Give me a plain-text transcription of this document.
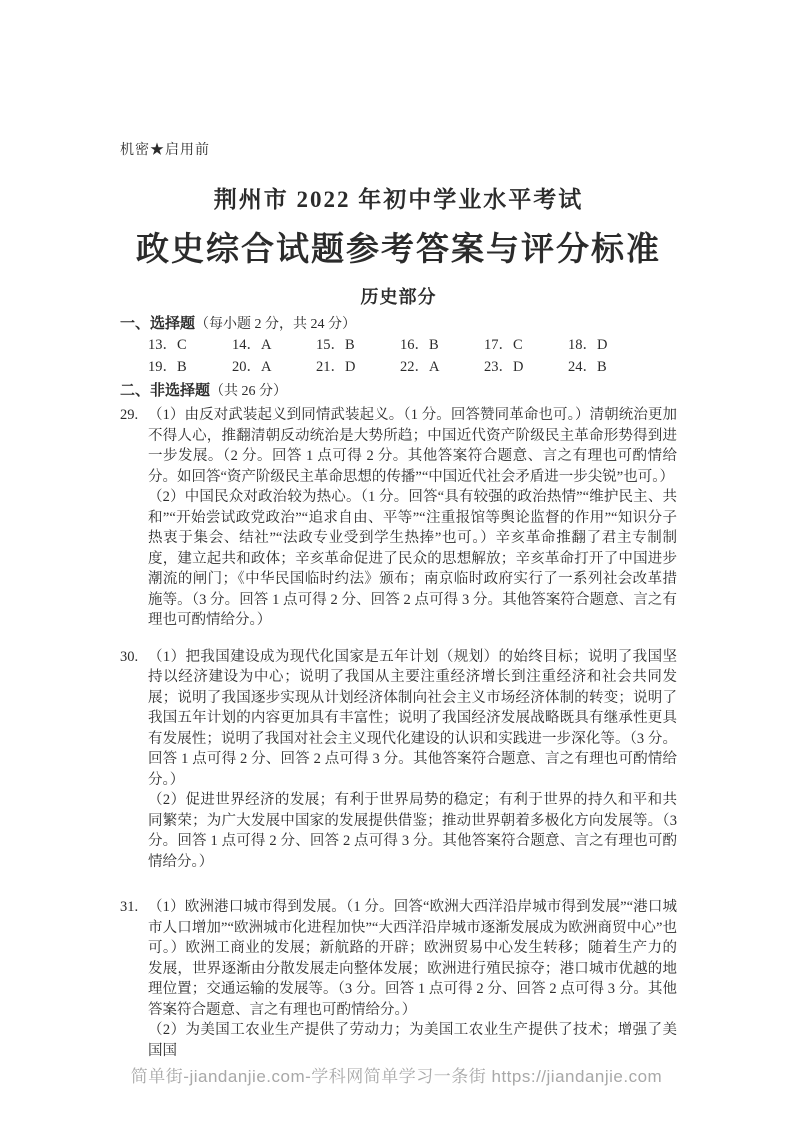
机密★启用前
荆州市 2022 年初中学业水平考试
政史综合试题参考答案与评分标准
历史部分
一、选择题（每小题 2 分，共 24 分）
13．C	14．A	15．B	16．B	17．C	18．D
19．B	20．A	21．D	22．A	23．D	24．B
二、非选择题（共 26 分）
29. （1）由反对武装起义到同情武装起义。（1 分。回答赞同革命也可。）清朝统治更加不得人心，推翻清朝反动统治是大势所趋；中国近代资产阶级民主革命形势得到进一步发展。（2 分。回答 1 点可得 2 分。其他答案符合题意、言之有理也可酌情给分。如回答“资产阶级民主革命思想的传播”“中国近代社会矛盾进一步尖锐”也可。）

（2）中国民众对政治较为热心。（1 分。回答“具有较强的政治热情”“维护民主、共和”“开始尝试政党政治”“追求自由、平等”“注重报馆等舆论监督的作用”“知识分子热衷于集会、结社”“法政专业受到学生热捧”也可。）辛亥革命推翻了君主专制制度，建立起共和政体；辛亥革命促进了民众的思想解放；辛亥革命打开了中国进步潮流的闸门；《中华民国临时约法》颁布；南京临时政府实行了一系列社会改革措施等。（3 分。回答 1 点可得 2 分、回答 2 点可得 3 分。其他答案符合题意、言之有理也可酌情给分。）

30. （1）把我国建设成为现代化国家是五年计划（规划）的始终目标；说明了我国坚持以经济建设为中心；说明了我国从主要注重经济增长到注重经济和社会共同发展；说明了我国逐步实现从计划经济体制向社会主义市场经济体制的转变；说明了我国五年计划的内容更加具有丰富性；说明了我国经济发展战略既具有继承性更具有发展性；说明了我国对社会主义现代化建设的认识和实践进一步深化等。（3 分。回答 1 点可得 2 分、回答 2 点可得 3 分。其他答案符合题意、言之有理也可酌情给分。）

（2）促进世界经济的发展；有利于世界局势的稳定；有利于世界的持久和平和共同繁荣；为广大发展中国家的发展提供借鉴；推动世界朝着多极化方向发展等。（3 分。回答 1 点可得 2 分、回答 2 点可得 3 分。其他答案符合题意、言之有理也可酌情给分。）

31. （1）欧洲港口城市得到发展。（1 分。回答“欧洲大西洋沿岸城市得到发展”“港口城市人口增加”“欧洲城市化进程加快”“大西洋沿岸城市逐渐发展成为欧洲商贸中心”也可。）欧洲工商业的发展；新航路的开辟；欧洲贸易中心发生转移；随着生产力的发展，世界逐渐由分散发展走向整体发展；欧洲进行殖民掠夺；港口城市优越的地理位置；交通运输的发展等。（3 分。回答 1 点可得 2 分、回答 2 点可得 3 分。其他答案符合题意、言之有理也可酌情给分。）

（2）为美国工农业生产提供了劳动力；为美国工农业生产提供了技术；增强了美国国

简单街-jiandanjie.com-学科网简单学习一条街 https://jiandanjie.com
